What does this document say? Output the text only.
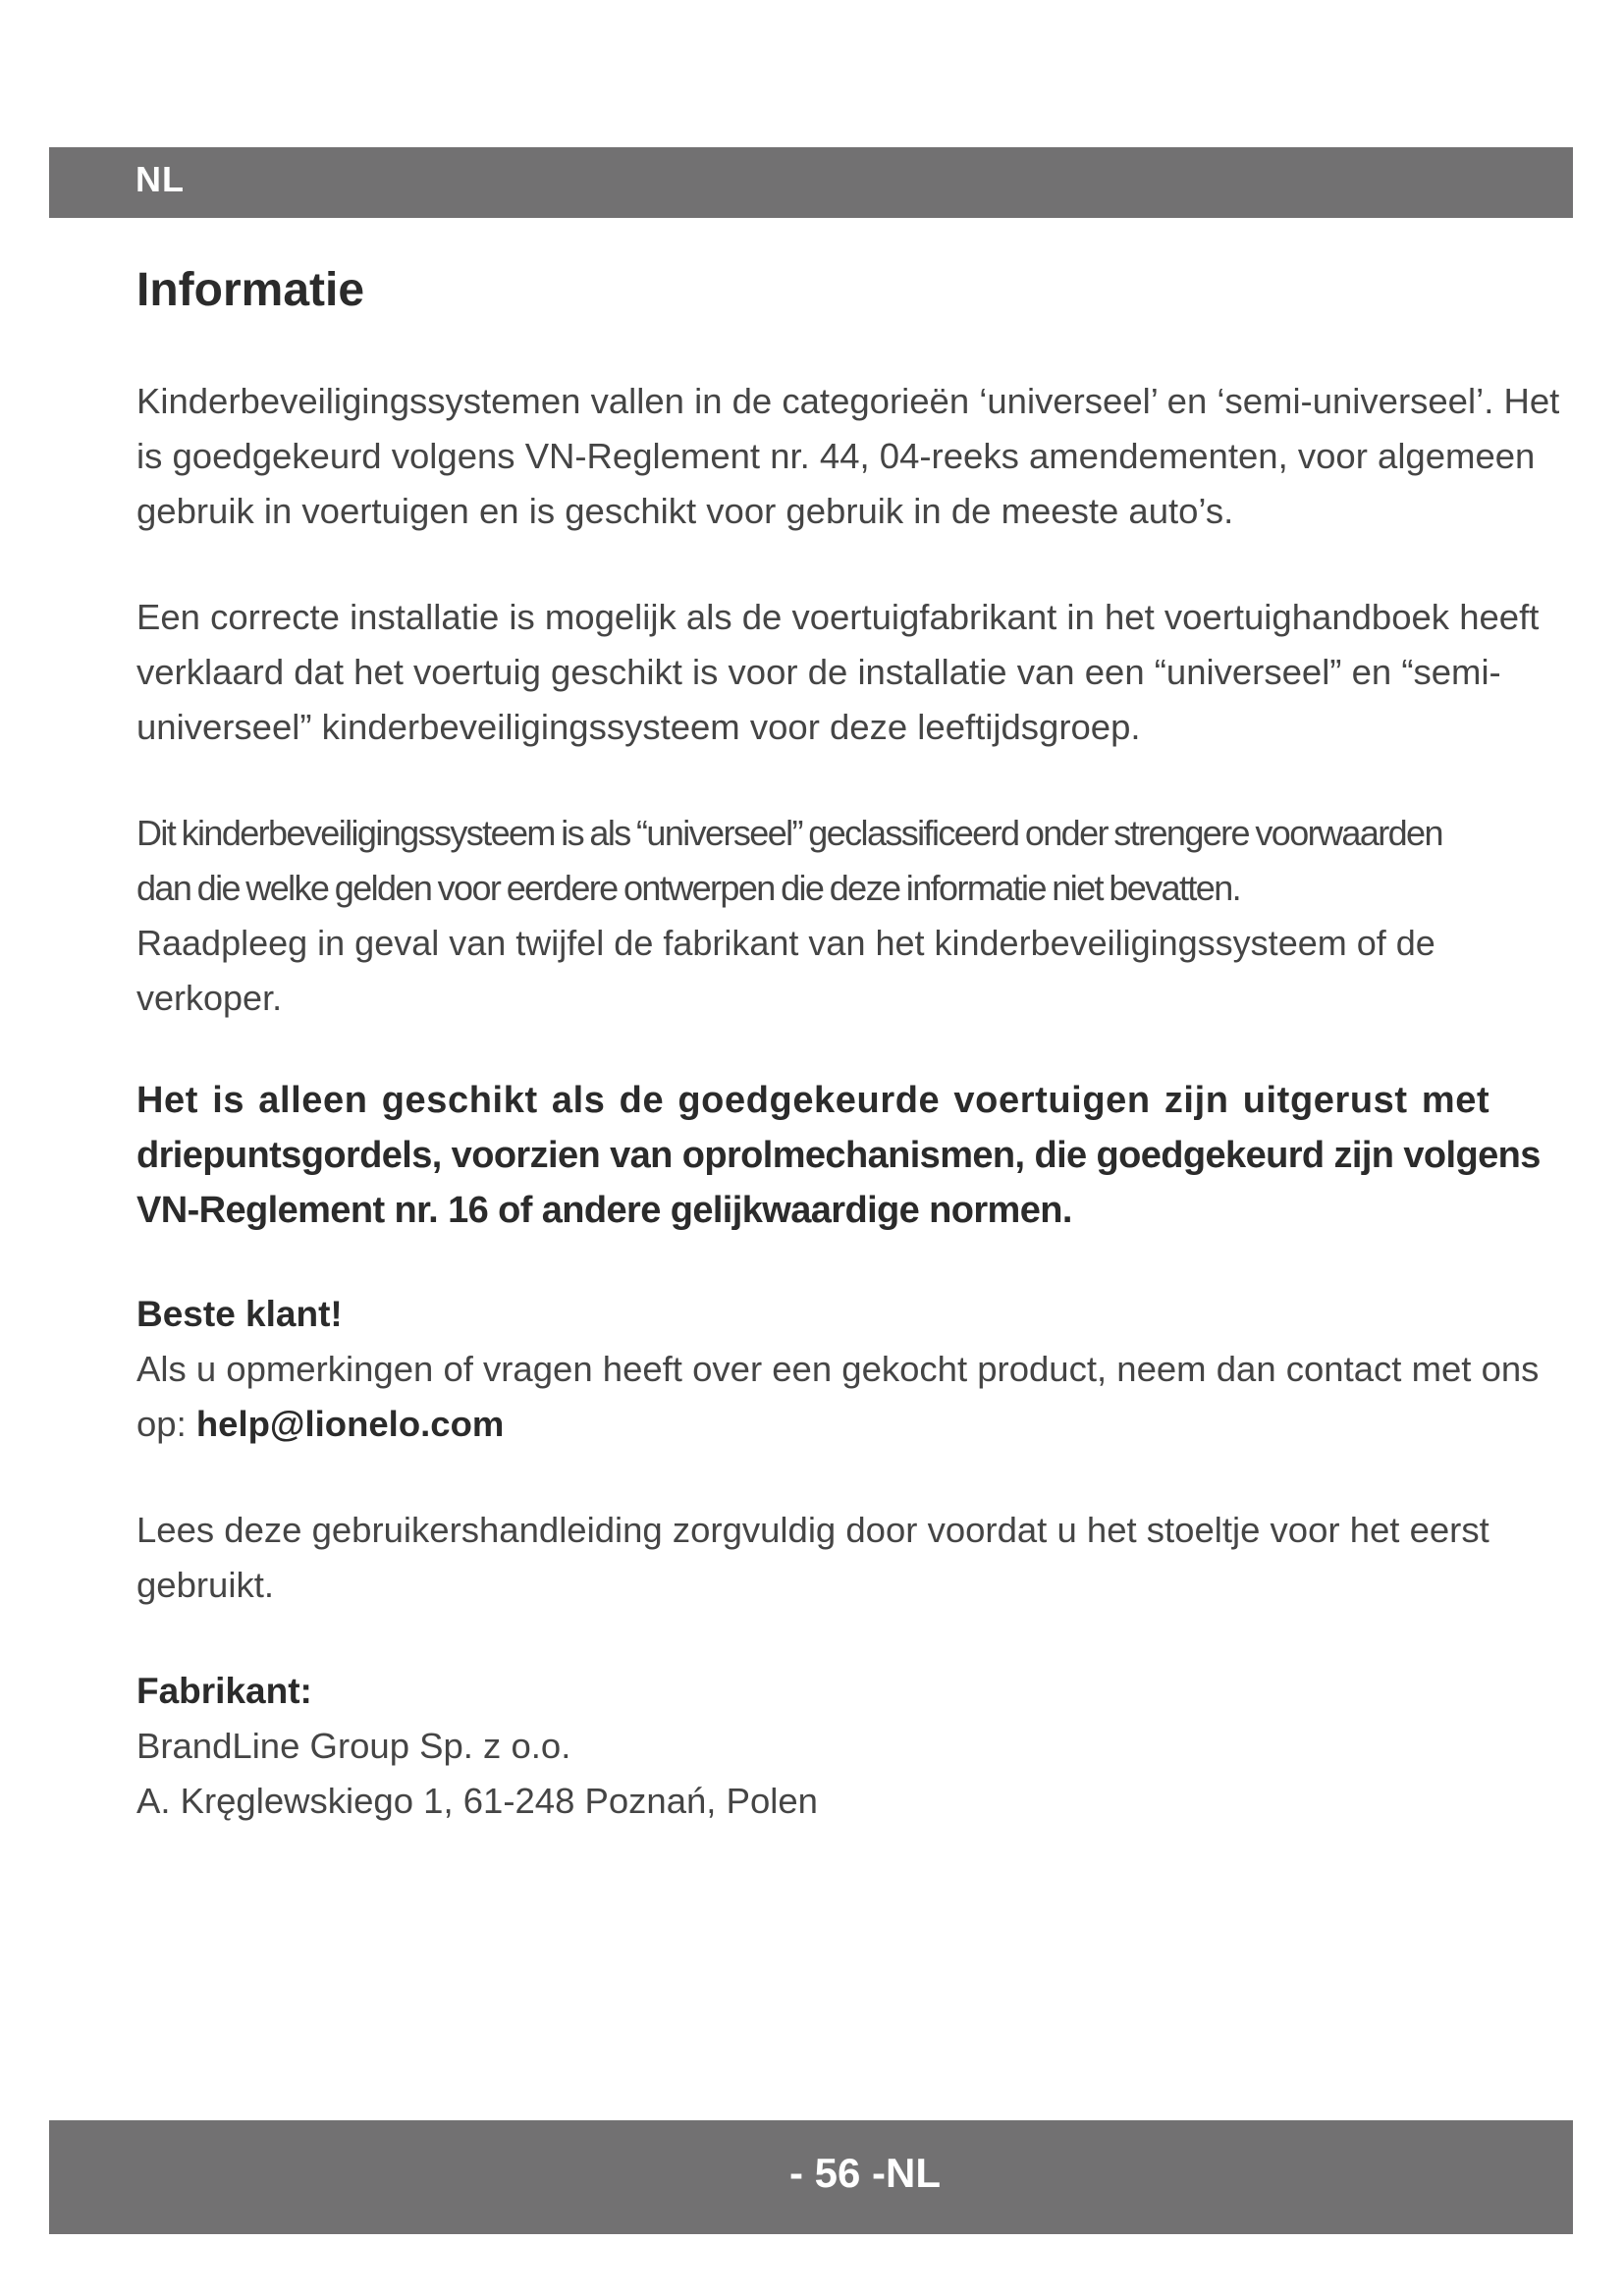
NL
Informatie

Kinderbeveiligingssystemen vallen in de categorieën ‘universeel’ en ‘semi-universeel’. Het is goedgekeurd volgens VN-Reglement nr. 44, 04-reeks amendementen, voor algemeen gebruik in voertuigen en is geschikt voor gebruik in de meeste auto’s.

Een correcte installatie is mogelijk als de voertuigfabrikant in het voertuighandboek heeft verklaard dat het voertuig geschikt is voor de installatie van een “universeel” en “semi-universeel” kinderbeveiligingssysteem voor deze leeftijdsgroep.

Dit kinderbeveiligingssysteem is als “universeel” geclassificeerd onder strengere voorwaarden
dan die welke gelden voor eerdere ontwerpen die deze informatie niet bevatten.
Raadpleeg in geval van twijfel de fabrikant van het kinderbeveiligingssysteem of de verkoper.

Het is alleen geschikt als de goedgekeurde voertuigen zijn uitgerust met
driepuntsgordels, voorzien van oprolmechanismen, die goedgekeurd zijn volgens
VN-Reglement nr. 16 of andere gelijkwaardige normen.

Beste klant!
Als u opmerkingen of vragen heeft over een gekocht product, neem dan contact met ons op: help@lionelo.com

Lees deze gebruikershandleiding zorgvuldig door voordat u het stoeltje voor het eerst gebruikt.

Fabrikant:
BrandLine Group Sp. z o.o.
A. Kręglewskiego 1, 61-248 Poznań, Polen
- 56 -NL
